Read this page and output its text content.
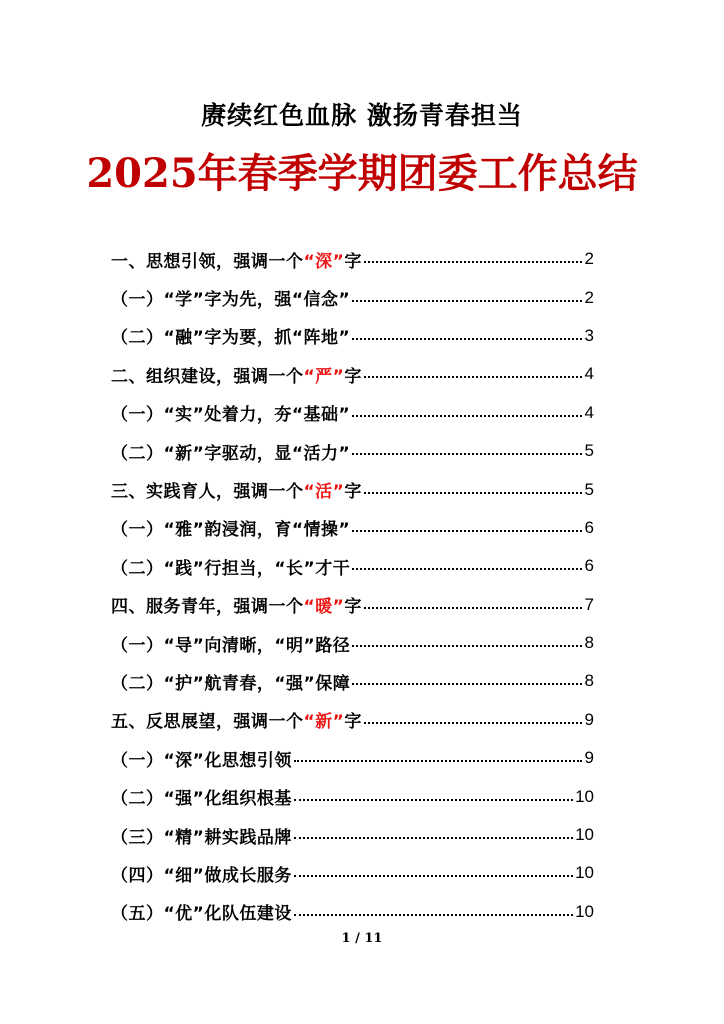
赓续红色血脉 激扬青春担当
2025年春季学期团委工作总结
一、思想引领，强调一个“深”字	2
（一）“学”字为先，强“信念”	2
（二）“融”字为要，抓“阵地”	3
二、组织建设，强调一个“严”字	4
（一）“实”处着力，夯“基础”	4
（二）“新”字驱动，显“活力”	5
三、实践育人，强调一个“活”字	5
（一）“雅”韵浸润，育“情操”	6
（二）“践”行担当，“长”才干	6
四、服务青年，强调一个“暖”字	7
（一）“导”向清晰，“明”路径	8
（二）“护”航青春，“强”保障	8
五、反思展望，强调一个“新”字	9
（一）“深”化思想引领	9
（二）“强”化组织根基	10
（三）“精”耕实践品牌	10
（四）“细”做成长服务	10
（五）“优”化队伍建设	10
1 / 11
